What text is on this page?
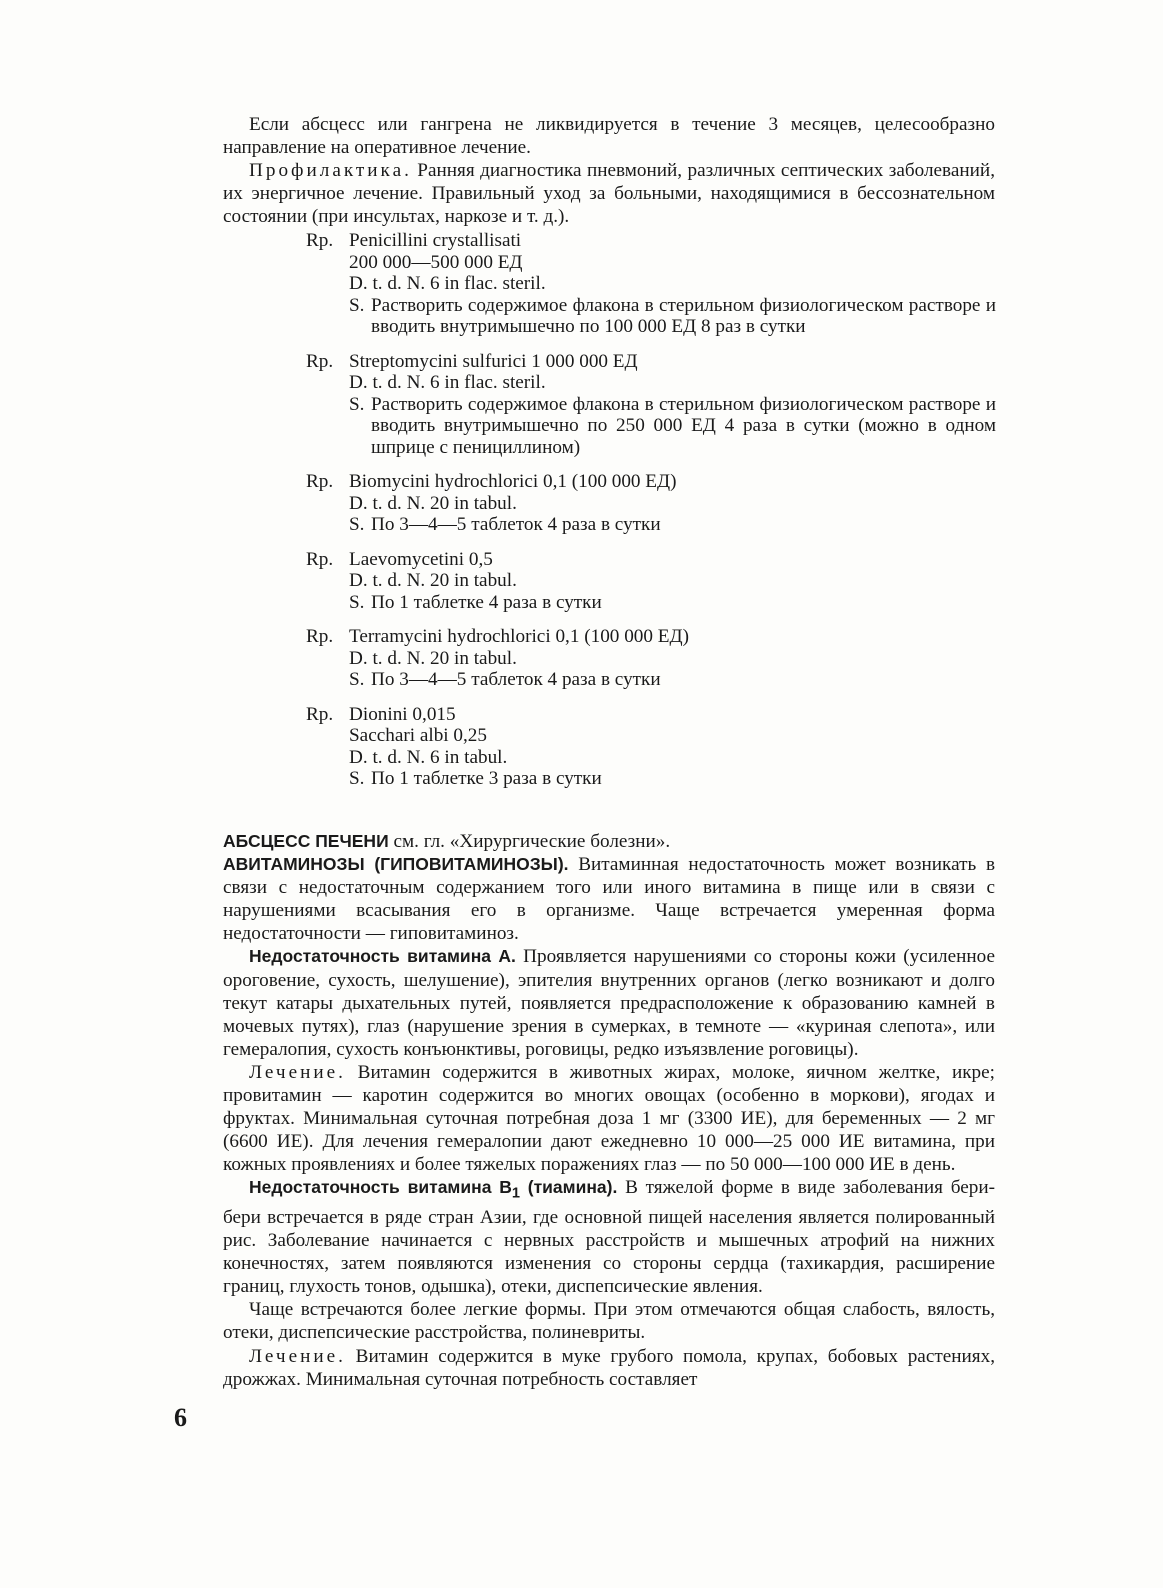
Если абсцесс или гангрена не ликвидируется в течение 3 месяцев, целесообразно направление на оперативное лечение.

Профилактика. Ранняя диагностика пневмоний, различных септических заболеваний, их энергичное лечение. Правильный уход за больными, находящимися в бессознательном состоянии (при инсультах, наркозе и т. д.).

Rp. Penicillini crystallisati
200 000—500 000 ЕД
D. t. d. N. 6 in flac. steril.
S. Растворить содержимое флакона в стерильном физиологическом растворе и вводить внутримышечно по 100 000 ЕД 8 раз в сутки
Rp. Streptomycini sulfurici 1 000 000 ЕД
D. t. d. N. 6 in flac. steril.
S. Растворить содержимое флакона в стерильном физиологическом растворе и вводить внутримышечно по 250 000 ЕД 4 раза в сутки (можно в одном шприце с пенициллином)
Rp. Biomycini hydrochlorici 0,1 (100 000 ЕД)
D. t. d. N. 20 in tabul.
S. По 3—4—5 таблеток 4 раза в сутки
Rp. Laevomycetini 0,5
D. t. d. N. 20 in tabul.
S. По 1 таблетке 4 раза в сутки
Rp. Terramycini hydrochlorici 0,1 (100 000 ЕД)
D. t. d. N. 20 in tabul.
S. По 3—4—5 таблеток 4 раза в сутки
Rp. Dionini 0,015
Sacchari albi 0,25
D. t. d. N. 6 in tabul.
S. По 1 таблетке 3 раза в сутки

АБСЦЕСС ПЕЧЕНИ см. гл. «Хирургические болезни».

АВИТАМИНОЗЫ (ГИПОВИТАМИНОЗЫ). Витаминная недостаточность может возникать в связи с недостаточным содержанием того или иного витамина в пище или в связи с нарушениями всасывания его в организме. Чаще встречается умеренная форма недостаточности — гиповитаминоз.

Недостаточность витамина А. Проявляется нарушениями со стороны кожи (усиленное ороговение, сухость, шелушение), эпителия внутренних органов (легко возникают и долго текут катары дыхательных путей, появляется предрасположение к образованию камней в мочевых путях), глаз (нарушение зрения в сумерках, в темноте — «куриная слепота», или гемералопия, сухость конъюнктивы, роговицы, редко изъязвление роговицы).

Лечение. Витамин содержится в животных жирах, молоке, яичном желтке, икре; провитамин — каротин содержится во многих овощах (особенно в моркови), ягодах и фруктах. Минимальная суточная потребная доза 1 мг (3300 ИЕ), для беременных — 2 мг (6600 ИЕ). Для лечения гемералопии дают ежедневно 10 000—25 000 ИЕ витамина, при кожных проявлениях и более тяжелых поражениях глаз — по 50 000—100 000 ИЕ в день.

Недостаточность витамина $В_1$ (тиамина). В тяжелой форме в виде заболевания бери-бери встречается в ряде стран Азии, где основной пищей населения является полированный рис. Заболевание начинается с нервных расстройств и мышечных атрофий на нижних конечностях, затем появляются изменения со стороны сердца (тахикардия, расширение границ, глухость тонов, одышка), отеки, диспепсические явления.

Чаще встречаются более легкие формы. При этом отмечаются общая слабость, вялость, отеки, диспепсические расстройства, полиневриты.

Лечение. Витамин содержится в муке грубого помола, крупах, бобовых растениях, дрожжах. Минимальная суточная потребность составляет

6
